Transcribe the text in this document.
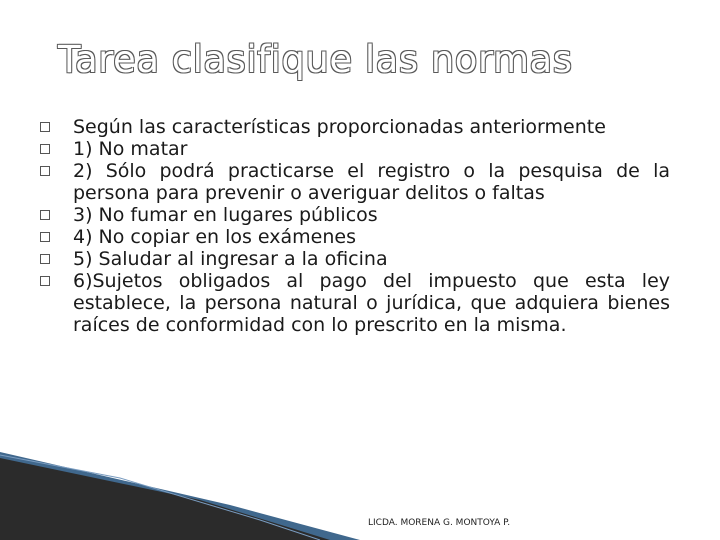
Tarea clasifique las normas
Según las características proporcionadas anteriormente
1) No matar
2) Sólo podrá practicarse el registro o la pesquisa de la persona para prevenir o averiguar delitos o faltas
3) No fumar en lugares públicos
4) No copiar en los exámenes
5) Saludar al ingresar a la oficina
6)Sujetos obligados al pago del impuesto que esta ley establece, la persona natural o jurídica, que adquiera bienes raíces de conformidad con lo prescrito en la misma.
LICDA. MORENA G. MONTOYA P.
